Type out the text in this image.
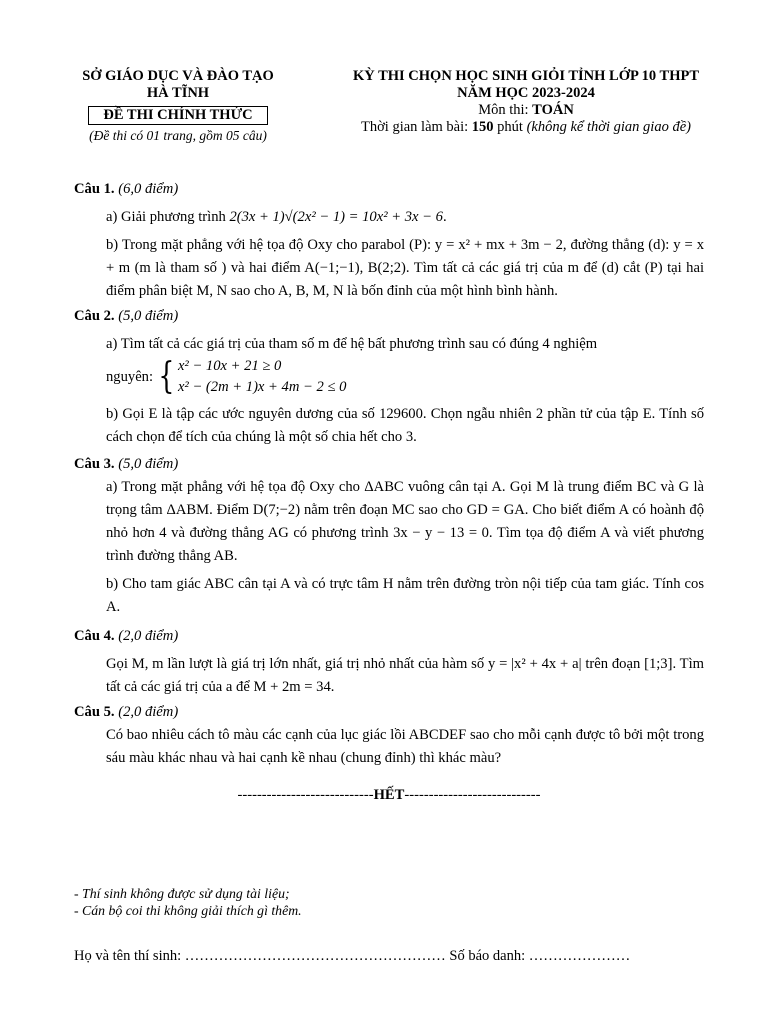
SỞ GIÁO DỤC VÀ ĐÀO TẠO
HÀ TĨNH
ĐỀ THI CHÍNH THỨC
(Đề thi có 01 trang, gồm 05 câu)
KỲ THI CHỌN HỌC SINH GIỎI TỈNH LỚP 10 THPT
NĂM HỌC 2023-2024
Môn thi: TOÁN
Thời gian làm bài: 150 phút (không kể thời gian giao đề)
Câu 1. (6,0 điểm)
a) Giải phương trình 2(3x + 1)√(2x² − 1) = 10x² + 3x − 6.
b) Trong mặt phẳng với hệ tọa độ Oxy cho parabol (P): y = x² + mx + 3m − 2, đường thẳng (d): y = x + m (m là tham số ) và hai điểm A(−1;−1), B(2;2). Tìm tất cả các giá trị của m để (d) cắt (P) tại hai điểm phân biệt M, N sao cho A, B, M, N là bốn đỉnh của một hình bình hành.
Câu 2. (5,0 điểm)
a) Tìm tất cả các giá trị của tham số m để hệ bất phương trình sau có đúng 4 nghiệm
nguyên: { x² − 10x + 21 ≥ 0
x² − (2m + 1)x + 4m − 2 ≤ 0
b) Gọi E là tập các ước nguyên dương của số 129600. Chọn ngẫu nhiên 2 phần tử của tập E. Tính số cách chọn để tích của chúng là một số chia hết cho 3.
Câu 3. (5,0 điểm)
a) Trong mặt phẳng với hệ tọa độ Oxy cho ΔABC vuông cân tại A. Gọi M là trung điểm BC và G là trọng tâm ΔABM. Điểm D(7;−2) nằm trên đoạn MC sao cho GD = GA. Cho biết điểm A có hoành độ nhỏ hơn 4 và đường thẳng AG có phương trình 3x − y − 13 = 0. Tìm tọa độ điểm A và viết phương trình đường thẳng AB.
b) Cho tam giác ABC cân tại A và có trực tâm H nằm trên đường tròn nội tiếp của tam giác. Tính cos A.
Câu 4. (2,0 điểm)
Gọi M, m lần lượt là giá trị lớn nhất, giá trị nhỏ nhất của hàm số y = |x² + 4x + a| trên đoạn [1;3]. Tìm tất cả các giá trị của a để M + 2m = 34.
Câu 5. (2,0 điểm)
Có bao nhiêu cách tô màu các cạnh của lục giác lồi ABCDEF sao cho mỗi cạnh được tô bởi một trong sáu màu khác nhau và hai cạnh kề nhau (chung đỉnh) thì khác màu?
----------------------------HẾT----------------------------
- Thí sinh không được sử dụng tài liệu;
- Cán bộ coi thi không giải thích gì thêm.
Họ và tên thí sinh: ……………………………………………… Số báo danh: …………………
